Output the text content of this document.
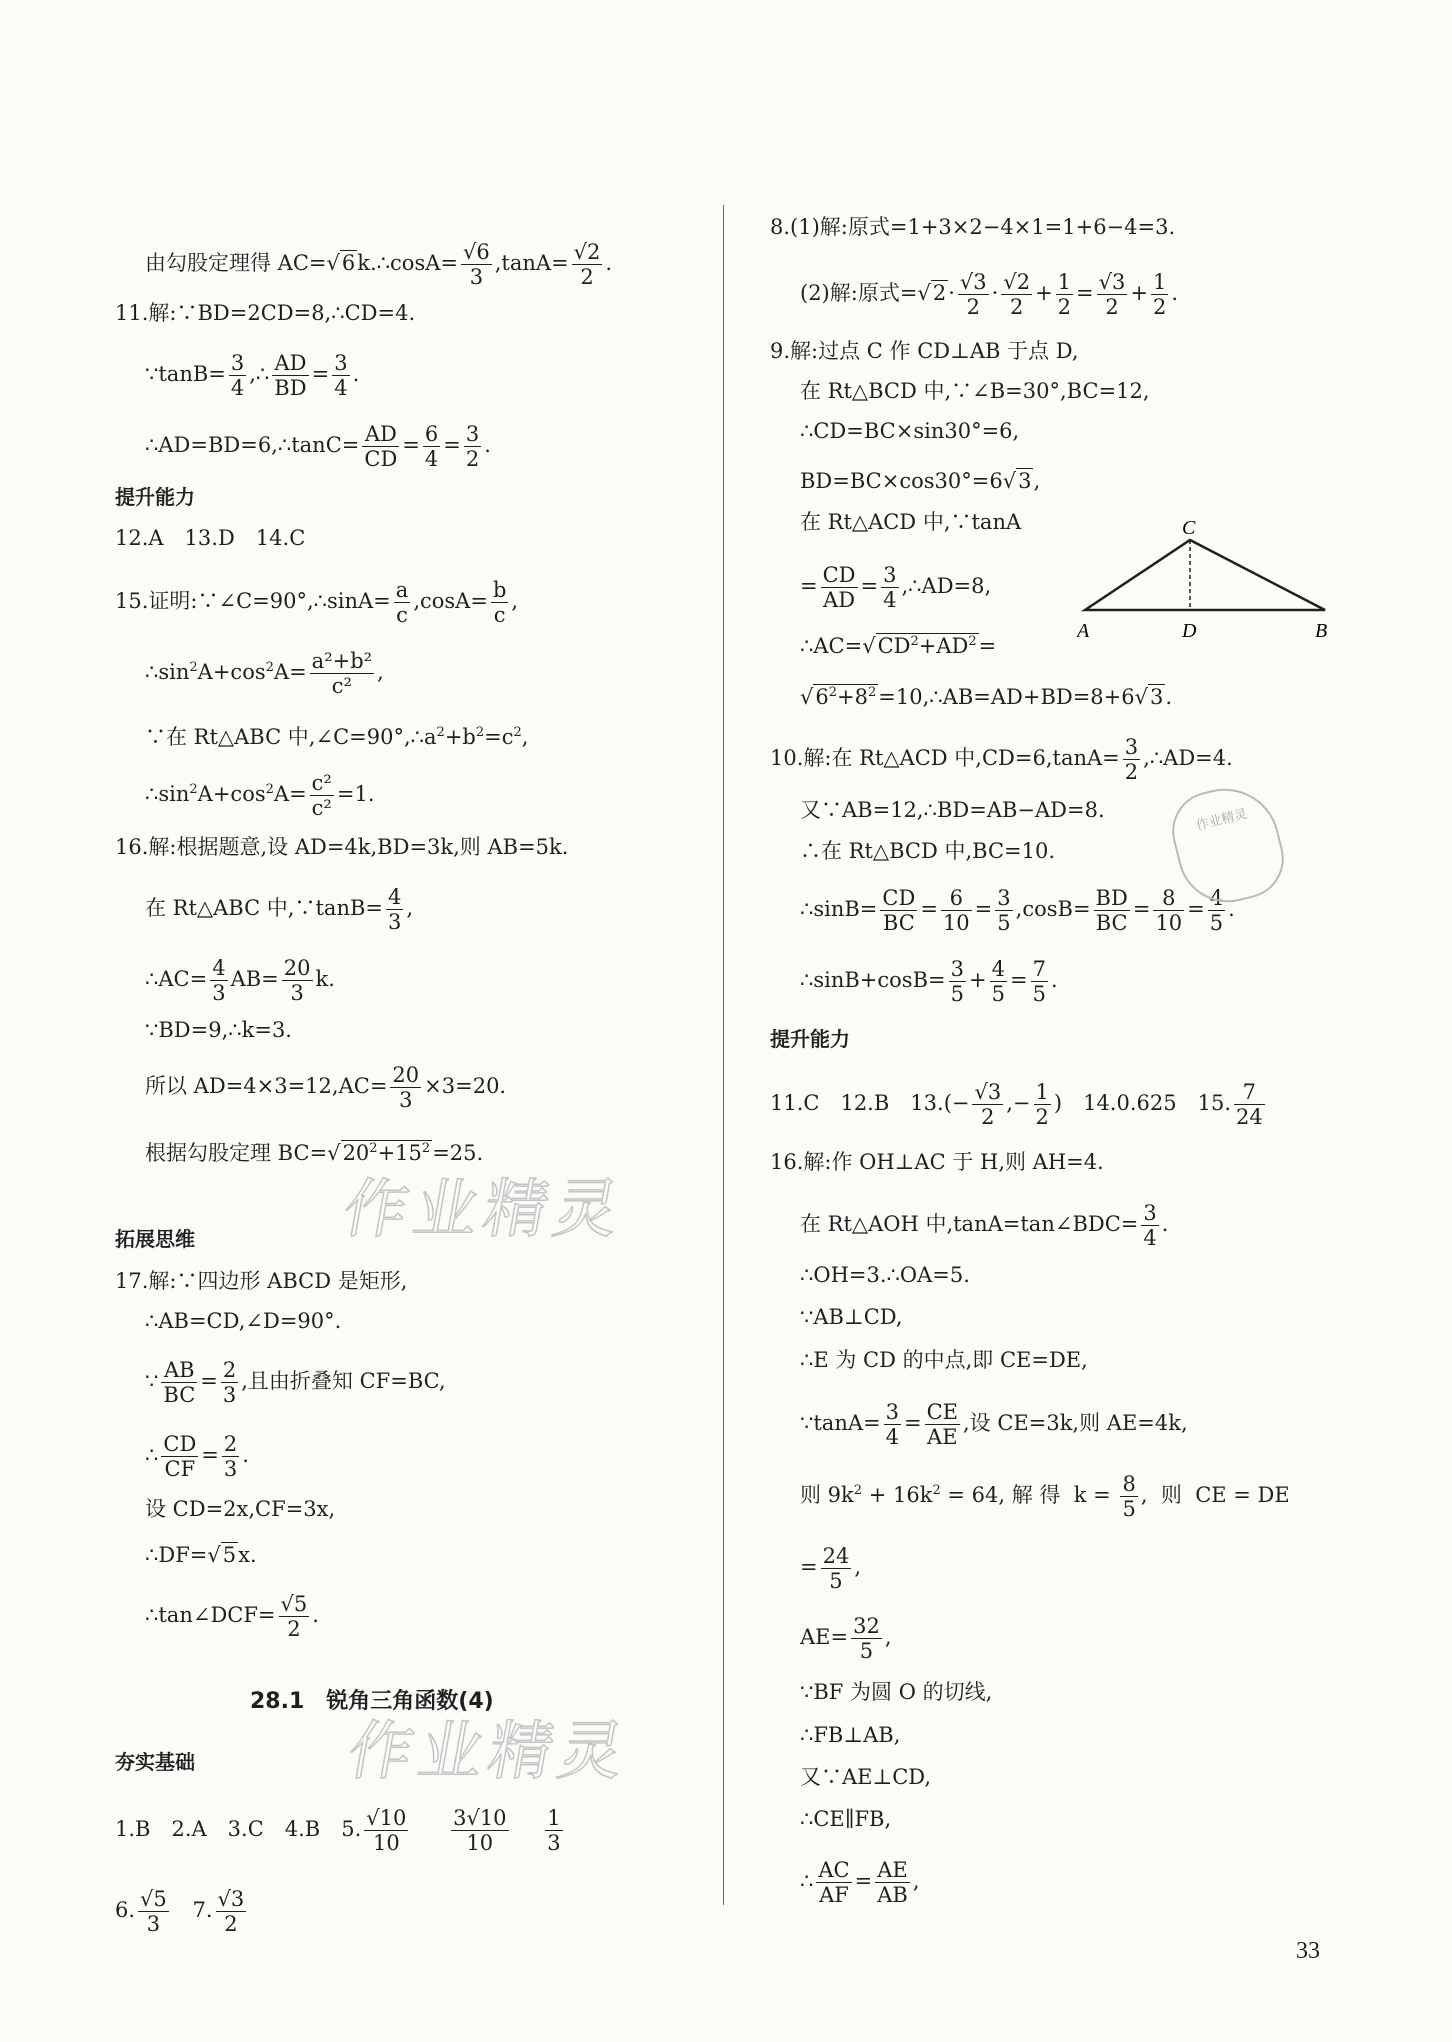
由勾股定理得 AC=√6k.∴cosA= $\frac{√6}{3} ,\tan A= \frac{√2}{2}$ .
11.解:∵BD=2CD=8,∴CD=4.
∵tanB= $\frac{3}{4}$ ,∴ $\frac{AD}{BD} = \frac{3}{4}$ .
∴AD=BD=6,∴tanC= $\frac{AD}{CD} = \frac{6}{4} = \frac{3}{2}$ .
提升能力
12.A　13.D　14.C
15.证明:∵∠C=90°,∴sinA= $\frac{a}{c} ,\cos A= \frac{b}{c}$ ,
$\therefore\sin^2A+\cos^2A= \frac{\text{a²+b²}}{\text{c²}}$ ,
∵在 Rt△ABC 中$,\angle C=90^\circ,\therefore a^2+b^2=c^2$,
$\therefore\sin^2A+\cos^2A= \frac{\text{c²}}{\text{c²}} =1$.
16.解:根据题意,设 AD=4k,BD=3k,则 AB=5k.
在 Rt△ABC 中,∵tanB= $\frac{4}{3}$ ,
∴AC= $\frac{4}{3} AB= \frac{20}{3} k$.
∵BD=9,∴k=3.
所以 $AD=4\times 3=12,AC= \frac{20}{3} \times 3=20$.
根据勾股定理 $BC=√20^2+15^2=25$.
拓展思维
17.解:∵四边形 ABCD 是矩形,
∴AB=CD,∠D=90°.
∵ $\frac{AB}{BC} = \frac{2}{3}$ ,且由折叠知 CF=BC,
∴ $\frac{CD}{CF} = \frac{2}{3}$ .
设 CD=2x,CF=3x,
∴DF=√5x.
∴tan∠DCF= $\frac{√5}{2}$ .
28.1　锐角三角函数(4)
夯实基础
1.B　2.A　3.C　4.B　5. $\frac{√10}{10}$
$\frac{3√10}{10}$
$\frac{1}{3}$
6. $\frac{√5}{3} 7$. $\frac{√3}{2}$
8.(1)解:原式=1+3×2−4×1=1+6−4=3.
(2)解:原式$=√2\cdot \frac{√3}{2} \cdot \frac{√2}{2} + \frac{1}{2} = \frac{√3}{2} + \frac{1}{2}$ .
9.解:过点 C 作 CD⊥AB 于点 D,
在 Rt△BCD 中,∵∠B=30°,BC=12,
∴CD=BC×sin30°=6,
BD=BC×cos30°=6√3,
在 Rt△ACD 中,∵tanA
= $\frac{CD}{AD} = \frac{3}{4}$ ,∴AD=8,
$\therefore AC=√CD^2+AD^2=$
$√6^2+8^2=10,\therefore AB=AD+BD=8+6√3$.
10.解:在 Rt△ACD 中$,CD=6,\tan A= \frac{3}{2}$ ,∴AD=4.
又∵AB=12,∴BD=AB−AD=8.
∴在 Rt△BCD 中,BC=10.
∴sinB= $\frac{CD}{BC} = \frac{6}{10} = \frac{3}{5} ,\cos B= \frac{BD}{BC} = \frac{8}{10} = \frac{4}{5}$ .
∴sinB+cosB= $\frac{3}{5} + \frac{4}{5} = \frac{7}{5}$ .
提升能力
11.C　12.B　$13.(- \frac{√3}{2}$ ,− $\frac{1}{2}$ )　14.0.625　15. $\frac{7}{24}$
16.解:作 OH⊥AC 于 H,则 AH=4.
在 Rt△AOH 中,tanA=tan∠BDC= $\frac{3}{4}$ .
∴OH=3.∴OA=5.
∵AB⊥CD,
∴E 为 CD 的中点,即 CE=DE,
∵tanA= $\frac{3}{4} = \frac{CE}{AE}$ ,设 CE=3k,则 AE=4k,
则 $9k^2 + 16k^2 = 64$, 解 得  $k = \frac{8}{5}$ ,  则  CE = DE
= $\frac{24}{5}$ ,
$AE= \frac{32}{5}$ ,
∵BF 为圆 O 的切线,
∴FB⊥AB,
又∵AE⊥CD,
∴CE∥FB,
∴ $\frac{AC}{AF} = \frac{AE}{AB}$ ,
C
A	D	B
作业精灵
作业精灵
作业精灵
33
